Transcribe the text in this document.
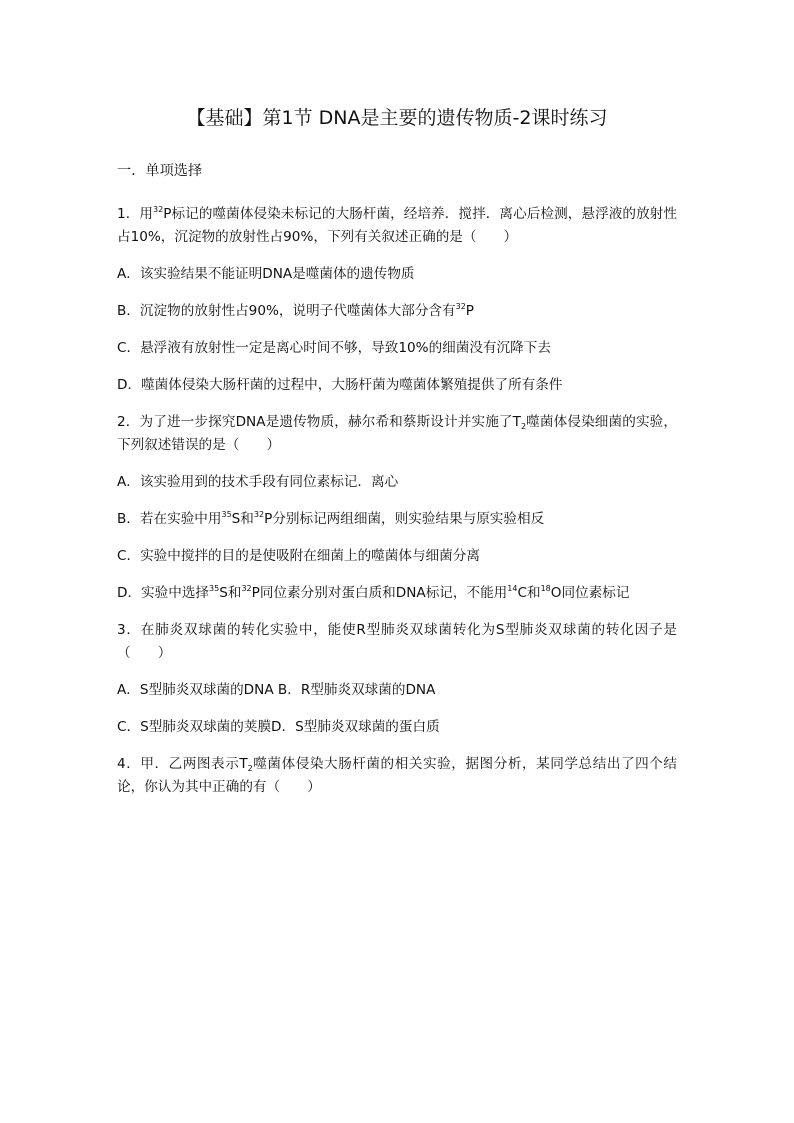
【基础】第1节 DNA是主要的遗传物质-2课时练习
一．单项选择
1．用$^{32}$P标记的噬菌体侵染未标记的大肠杆菌，经培养．搅拌．离心后检测，悬浮液的放射性占10%，沉淀物的放射性占90%，下列有关叙述正确的是（　　）
A．该实验结果不能证明DNA是噬菌体的遗传物质
B．沉淀物的放射性占90%，说明子代噬菌体大部分含有$^{32}$P
C．悬浮液有放射性一定是离心时间不够，导致10%的细菌没有沉降下去
D．噬菌体侵染大肠杆菌的过程中，大肠杆菌为噬菌体繁殖提供了所有条件
2．为了进一步探究DNA是遗传物质，赫尔希和蔡斯设计并实施了$T_2$噬菌体侵染细菌的实验，下列叙述错误的是（　　）
A．该实验用到的技术手段有同位素标记．离心
B．若在实验中用$^{35}$S和$^{32}$P分别标记两组细菌，则实验结果与原实验相反
C．实验中搅拌的目的是使吸附在细菌上的噬菌体与细菌分离
D．实验中选择$^{35}$S和$^{32}$P同位素分别对蛋白质和DNA标记，不能用$^{14}$C和$^{18}$O同位素标记
3．在肺炎双球菌的转化实验中，能使R型肺炎双球菌转化为S型肺炎双球菌的转化因子是（　　）
A．S型肺炎双球菌的DNA B．R型肺炎双球菌的DNA
C．S型肺炎双球菌的荚膜D．S型肺炎双球菌的蛋白质
4．甲．乙两图表示$T_2$噬菌体侵染大肠杆菌的相关实验，据图分析，某同学总结出了四个结论，你认为其中正确的有（　　）
